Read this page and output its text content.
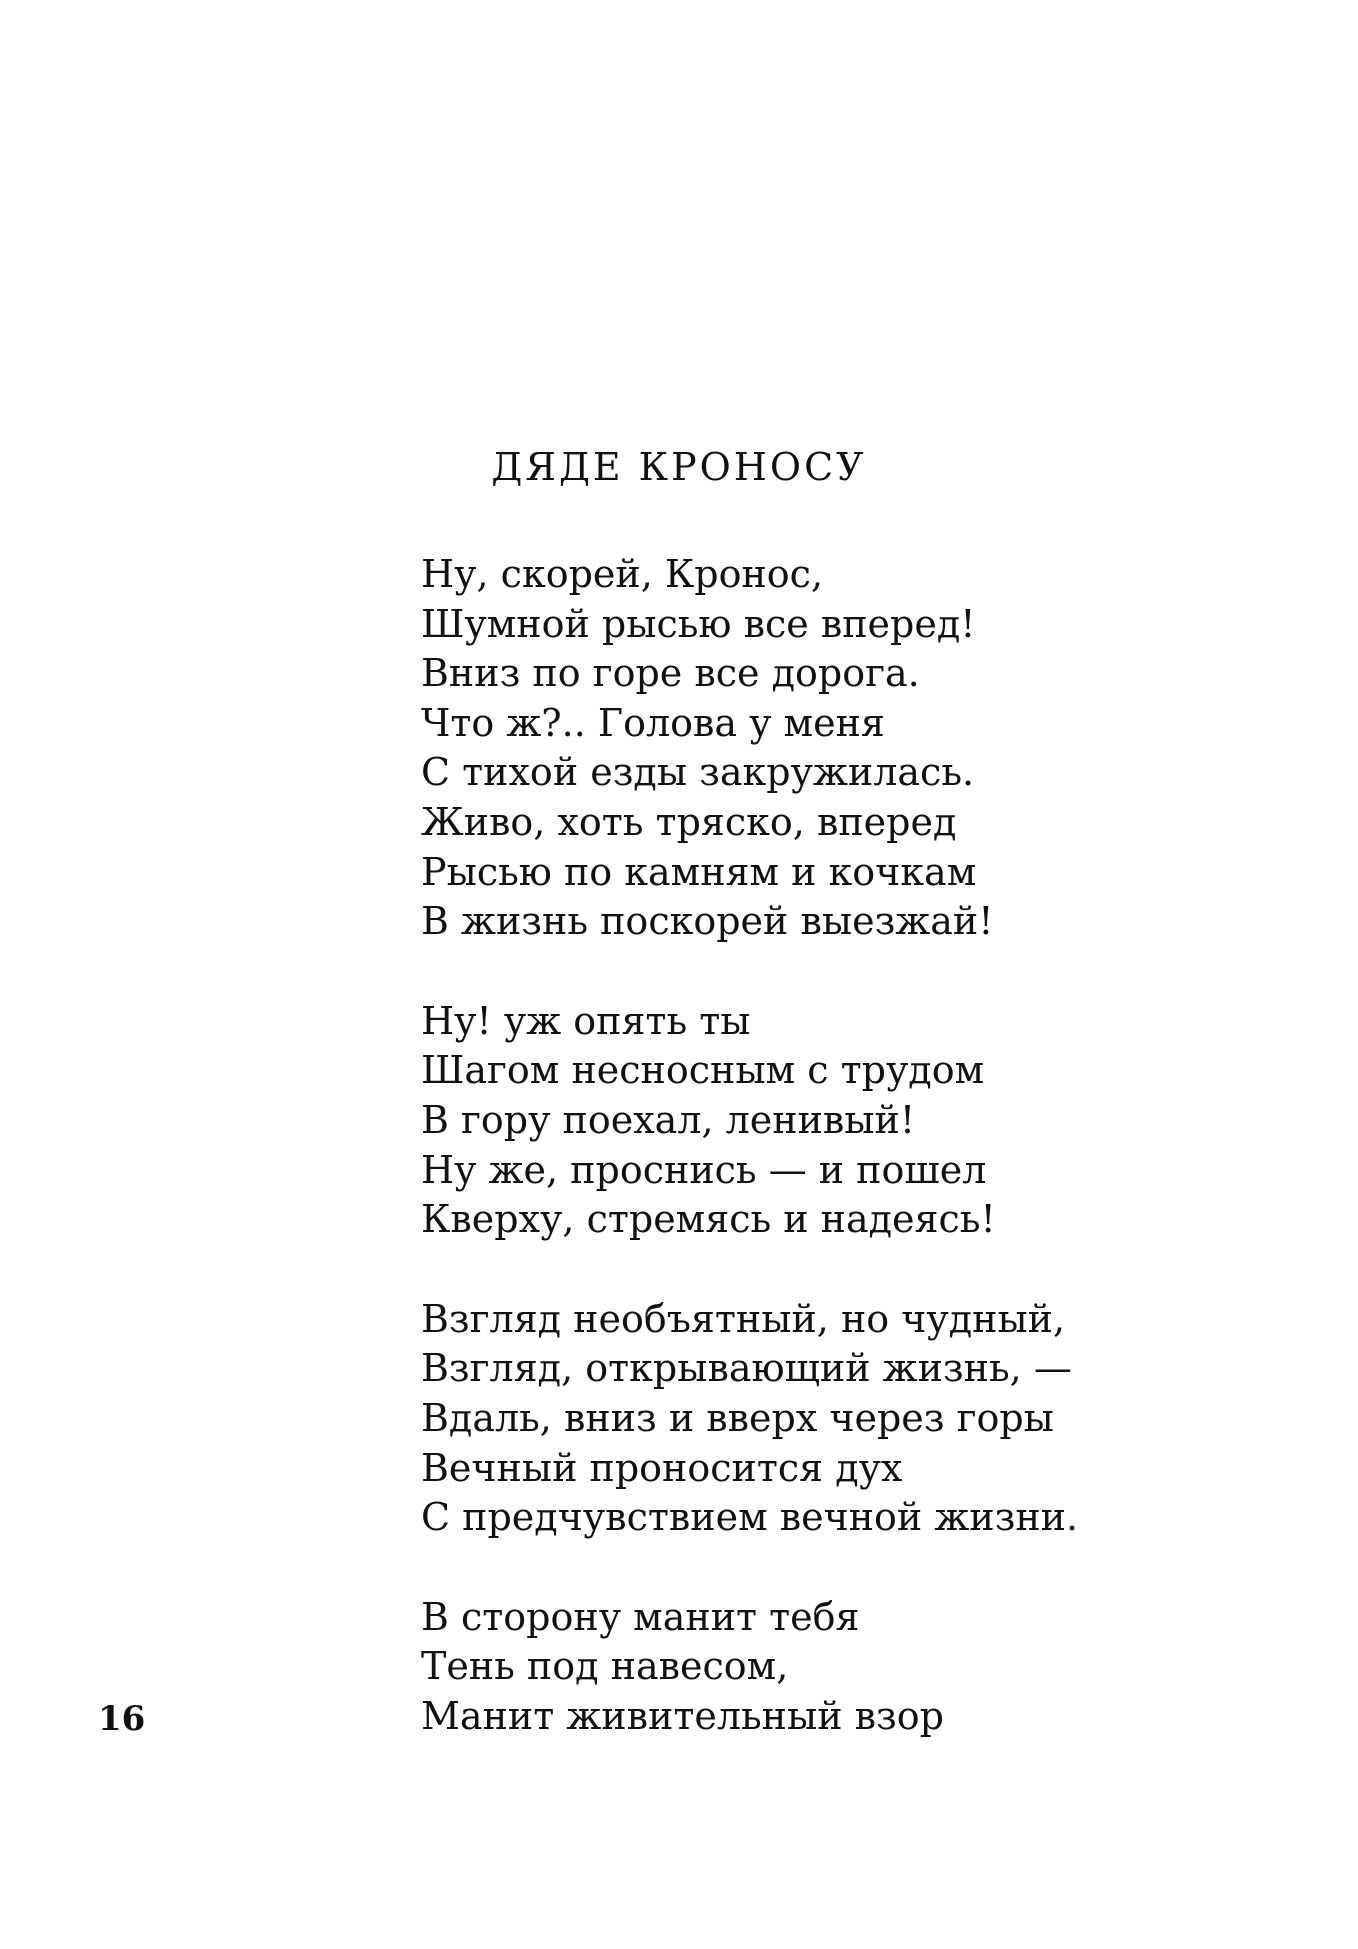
ДЯДЕ КРОНОСУ
Ну, скорей, Кронос,
Шумной рысью все вперед!
Вниз по горе все дорога.
Что ж?.. Голова у меня
С тихой езды закружилась.
Живо, хоть тряско, вперед
Рысью по камням и кочкам
В жизнь поскорей выезжай!
Ну! уж опять ты
Шагом несносным с трудом
В гору поехал, ленивый!
Ну же, проснись — и пошел
Кверху, стремясь и надеясь!
Взгляд необъятный, но чудный,
Взгляд, открывающий жизнь, —
Вдаль, вниз и вверх через горы
Вечный проносится дух
С предчувствием вечной жизни.
В сторону манит тебя
Тень под навесом,
Манит живительный взор
16
